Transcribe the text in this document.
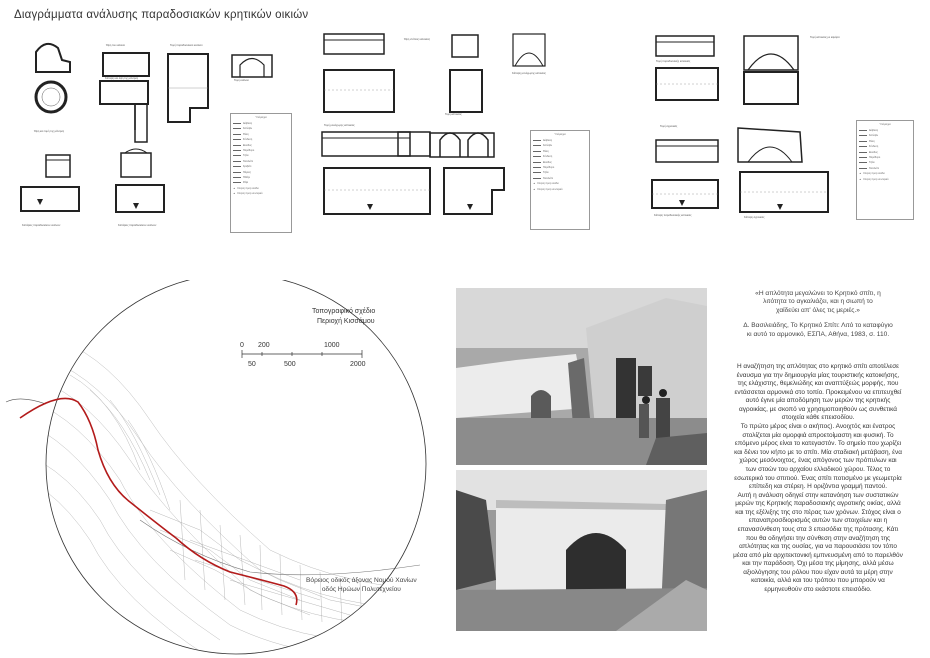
Διαγράμματα ανάλυσης παραδοσιακών κρητικών οικιών
Όψη και τομή της μάντρας
Όψη του κελλιού	Τομή παραδοσιακού κελλιού
Κάτοψη και όψη της μάντρας
Κατόψεις παραδοσιακών κελλιών	Κατόψεις παραδοσιακών κελλιών
Τομή κελλιού
Υπόμνημα
Διάβαση
Κατώφλι
Θέση
Σύνδεση
Είσοδος
Παράθυρο
Τζάκι
Ντουλάπι
Κρεβάτι
Πάγκος
Πιθάρι
Ράφι
▲ Κίνηση προς είσοδο
▲ Κίνηση προς εσωτερικό
Όψη ντόπιας κατοικίας
Κάτοψη μονόχωρης κατοικίας
Τομή μονόχωρης κατοικίας
Τομή κατοικίας
Υπόμνημα
Διάβαση
Κατώφλι
Θέση
Σύνδεση
Είσοδος
Παράθυρο
Τζάκι
Ντουλάπι
▲ Κίνηση προς είσοδο
▲ Κίνηση προς εσωτερικό
Τομή παραδοσιακής κατοικίας
Τομή κατοικίας με καμάρα
Τομή αγροικίας
Κάτοψη παραδοσιακής κατοικίας
Κάτοψη αγροικίας
Υπόμνημα
Διάβαση
Κατώφλι
Θέση
Σύνδεση
Είσοδος
Παράθυρο
Τζάκι
Ντουλάπι
▲ Κίνηση προς είσοδο
▲ Κίνηση προς εσωτερικό
Τοπογραφικό σχέδιο
Περιοχή Κισσάμου
0 200	1000
50	500	2000
Βόρειος οδικός άξονας Νομού Χανίων
οδός Ηρώων Πολυτεχνείου
«Η απλότητα μεγαλώνει το Κρητικό σπίτι, η
λιτότητα το αγκαλιάζει, και η σιωπή το
χαϊδεύει απ' όλες τις μεριές.»
Δ. Βασιλειάδης, Το Κρητικό Σπίτι: Λιτό το καταφύγιο
κι αυτό το αρμονικό, ΕΣΠΑ, Αθήνα, 1983, σ. 110.
Η αναζήτηση της απλότητας στο κρητικό σπίτι αποτέλεσε
έναυσμα για την δημιουργία μίας τουριστικής κατοικήσης,
της ελάχιστης, θεμελιώδης και αναπτύξεώς μορφής, που
εντάσσεται αρμονικά στο τοπίο. Προκειμένου να επιτευχθεί
αυτό έγινε μία αποδόμηση των μερών της κρητικής
αγροικίας, με σκοπό να χρησιμοποιηθούν ως συνθετικά
στοιχεία κάθε επεισοδίου.
Το πρώτο μέρος είναι ο ακήπος). Ανοιχτός και ένατρος
στολίζεται μία ομορφιά απροετοίμαστη και φυσική. Το
επόμενο μέρος είναι το κατεγαστόν. Το σημείο που χωρίζει
και δένει τον κήπο με το σπίτι. Μία σταδιακή μετάβαση, ένα
χώρος μεσόνοιχτος, ένας απόγονος των πρόπυλων και
των στοών του αρχαίου ελλαδικού χώρου. Τέλος το
εσωτερικό του σπιτιού. Ένας σπίτι ποτισμένο με γεωμετρία
επίπεδη και στέρεη. Η οριζόντια γραμμή παντού.
Αυτή η ανάλυση οδηγεί στην κατανόηση των συστατικών
μερών της Κρητικής παραδοσιακής αγροτικής οικίας, αλλά
και της εξέλιξης της στο πέρας των χρόνων. Στόχος είναι ο
επαναπροσδιορισμός αυτών των στοιχείων και η
επανασύνθεση τους στα 3 επεισόδια της πρότασης. Κάτι
που θα οδηγήσει την σύνθεση στην αναζήτηση της
απλότητας και της ουσίας, για να παρουσιάσει τον τόπο
μέσα από μία αρχιτεκτονική εμπνευσμένη από το παρελθόν
και την παράδοση. Όχι μέσα της μίμησης, αλλά μέσω
αξιολόγησης του ρόλου που είχαν αυτά τα μέρη στην
κατοικία, αλλά και του τρόπου που μπορούν να
ερμηνευθούν στο εκάστοτε επεισόδιο.
